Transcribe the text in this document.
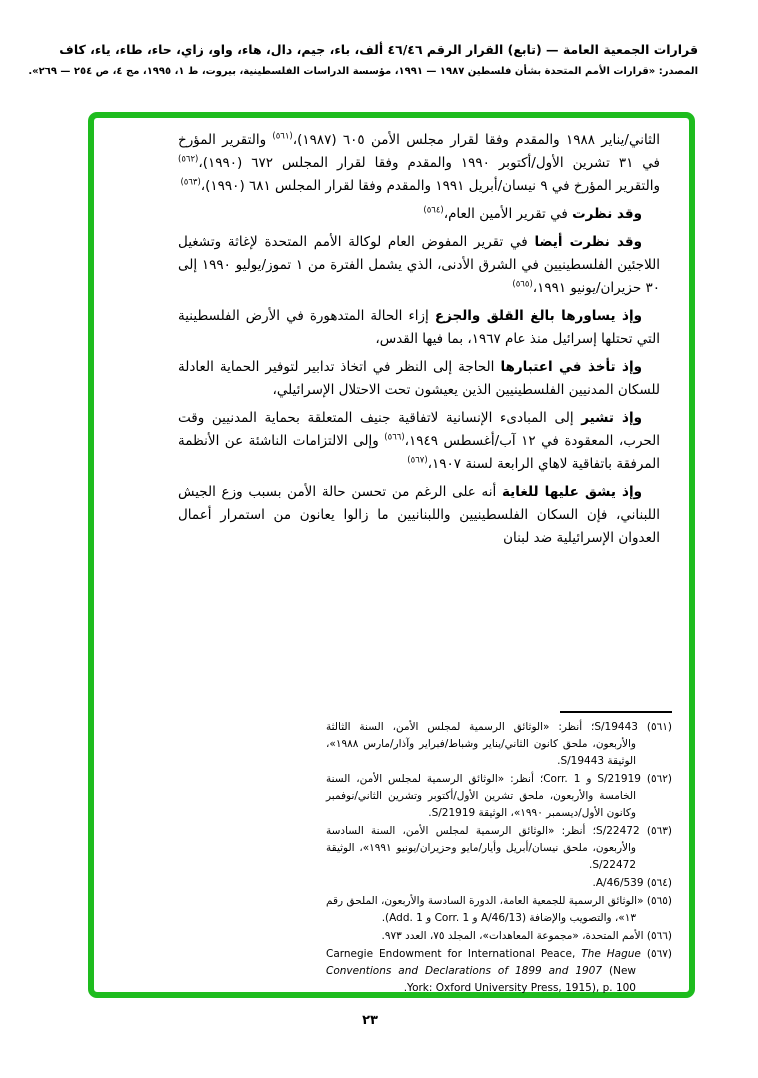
قرارات الجمعية العامة — (تابع) القرار الرقم ٤٦/٤٦ ألف، باء، جيم، دال، هاء، واو، زاي، حاء، طاء، ياء، كاف
المصدر: «قرارات الأمم المتحدة بشأن فلسطين ١٩٨٧ — ١٩٩١، مؤسسة الدراسات الفلسطينية، بيروت، ط ١، ١٩٩٥، مج ٤، ص ٢٥٤ — ٢٦٩».

الثاني/يناير ١٩٨٨ والمقدم وفقا لقرار مجلس الأمن ٦٠٥ (١٩٨٧)،$^{(٥٦١)}$ والتقرير المؤرخ في ٣١ تشرين الأول/أكتوبر ١٩٩٠ والمقدم وفقا لقرار المجلس ٦٧٢ (١٩٩٠)،$^{(٥٦٢)}$ والتقرير المؤرخ في ٩ نيسان/أبريل ١٩٩١ والمقدم وفقا لقرار المجلس ٦٨١ (١٩٩٠)،$^{(٥٦٣)}$

وقد نظرت في تقرير الأمين العام،$^{(٥٦٤)}$

وقد نظرت أيضا في تقرير المفوض العام لوكالة الأمم المتحدة لإغاثة وتشغيل اللاجئين الفلسطينيين في الشرق الأدنى، الذي يشمل الفترة من ١ تموز/يوليو ١٩٩٠ إلى ٣٠ حزيران/يونيو ١٩٩١،$^{(٥٦٥)}$

وإذ يساورها بالغ القلق والجزع إزاء الحالة المتدهورة في الأرض الفلسطينية التي تحتلها إسرائيل منذ عام ١٩٦٧، بما فيها القدس،

وإذ تأخذ في اعتبارها الحاجة إلى النظر في اتخاذ تدابير لتوفير الحماية العادلة للسكان المدنيين الفلسطينيين الذين يعيشون تحت الاحتلال الإسرائيلي،

وإذ تشير إلى المبادىء الإنسانية لاتفاقية جنيف المتعلقة بحماية المدنيين وقت الحرب، المعقودة في ١٢ آب/أغسطس ١٩٤٩،$^{(٥٦٦)}$ وإلى الالتزامات الناشئة عن الأنظمة المرفقة باتفاقية لاهاي الرابعة لسنة ١٩٠٧،$^{(٥٦٧)}$

وإذ يشق عليها للغاية أنه على الرغم من تحسن حالة الأمن بسبب وزع الجيش اللبناني، فإن السكان الفلسطينيين واللبنانيين ما زالوا يعانون من استمرار أعمال العدوان الإسرائيلية ضد لبنان

(٥٦١) S/19443؛ أنظر: «الوثائق الرسمية لمجلس الأمن، السنة الثالثة والأربعون، ملحق كانون الثاني/يناير وشباط/فبراير وآذار/مارس ١٩٨٨»، الوثيقة S/19443.
(٥٦٢) S/21919 و Corr. 1؛ أنظر: «الوثائق الرسمية لمجلس الأمن، السنة الخامسة والأربعون، ملحق تشرين الأول/أكتوبر وتشرين الثاني/نوفمبر وكانون الأول/ديسمبر ١٩٩٠»، الوثيقة S/21919.
(٥٦٣) S/22472؛ أنظر: «الوثائق الرسمية لمجلس الأمن، السنة السادسة والأربعون، ملحق نيسان/أبريل وأيار/مايو وحزيران/يونيو ١٩٩١»، الوثيقة S/22472.
(٥٦٤) A/46/539.
(٥٦٥) «الوثائق الرسمية للجمعية العامة، الدورة السادسة والأربعون، الملحق رقم ١٣»، والتصويب والإضافة (A/46/13 و Corr. 1 و Add. 1).
(٥٦٦) الأمم المتحدة، «مجموعة المعاهدات»، المجلد ٧٥، العدد ٩٧٣.
(٥٦٧) Carnegie Endowment for International Peace, The Hague Conventions and Declarations of 1899 and 1907 (New York: Oxford University Press, 1915), p. 100.
٢٣
